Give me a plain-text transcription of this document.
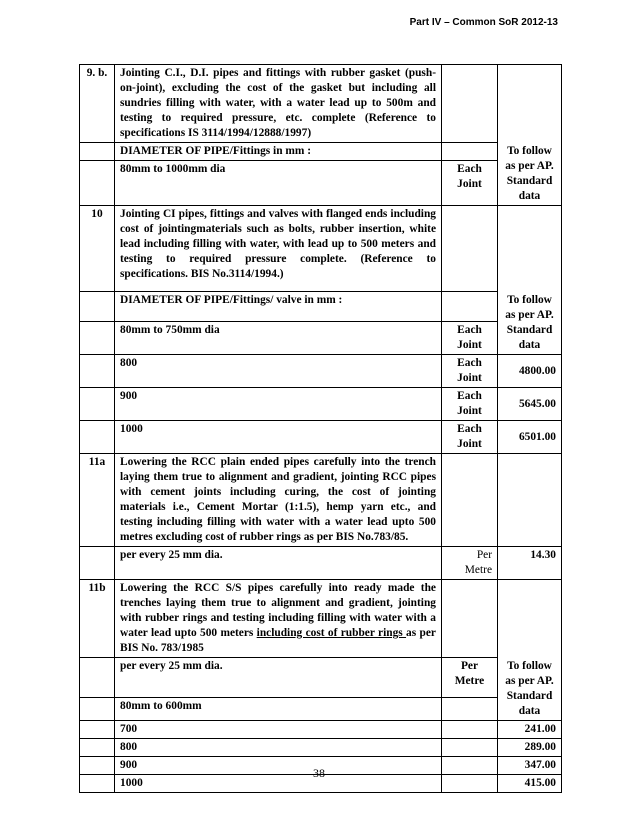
Part IV – Common SoR 2012-13
9. b.	Jointing C.I., D.I. pipes and fittings with rubber gasket (push-on-joint), excluding the cost of the gasket but including all sundries filling with water, with a water lead up to 500m and testing to required pressure, etc. complete (Reference to specifications IS 3114/1994/12888/1997)		
	DIAMETER OF PIPE/Fittings in mm :		To follow as per AP. Standard data
	80mm to 1000mm dia	Each Joint	
10	Jointing CI pipes, fittings and valves with flanged ends including cost of jointingmaterials such as bolts, rubber insertion, white lead including filling with water, with lead up to 500 meters and testing to required pressure complete. (Reference to specifications. BIS No.3114/1994.)		
	DIAMETER OF PIPE/Fittings/ valve in mm :		To follow as per AP. Standard data
	80mm to 750mm dia	Each Joint	
	800	Each Joint	4800.00
	900	Each Joint	5645.00
	1000	Each Joint	6501.00
11a	Lowering the RCC plain ended pipes carefully into the trench laying them true to alignment and gradient, jointing RCC pipes with cement joints including curing, the cost of jointing materials i.e., Cement Mortar (1:1.5), hemp yarn etc., and testing including filling with water with a water lead upto 500 metres excluding cost of rubber rings as per BIS No.783/85.		
	per every 25 mm dia.	Per Metre	14.30
11b	Lowering the RCC S/S pipes carefully into ready made the trenches laying them true to alignment and gradient, jointing with rubber rings and testing including filling with water with a water lead upto 500 meters including cost of rubber rings as per BIS No. 783/1985		
	per every 25 mm dia.	Per Metre	To follow as per AP. Standard data
	80mm to 600mm		
	700		241.00
	800		289.00
	900		347.00
	1000		415.00
38
